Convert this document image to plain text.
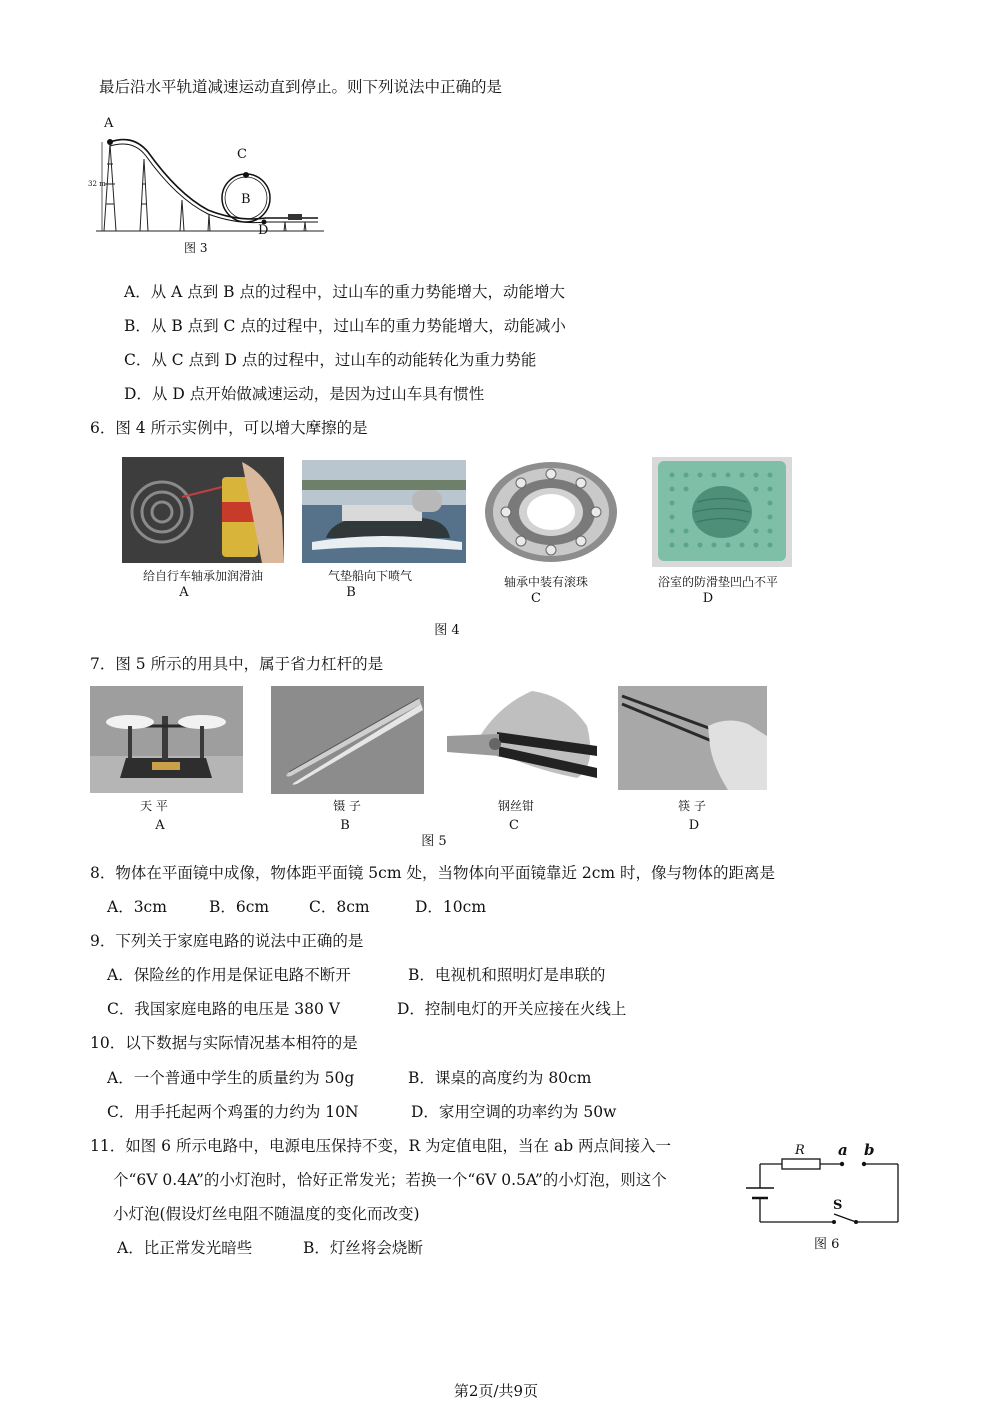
最后沿水平轨道减速运动直到停止。则下列说法中正确的是
A
C
B
D
32 m
图 3
A．从 A 点到 B 点的过程中，过山车的重力势能增大，动能增大
B．从 B 点到 C 点的过程中，过山车的重力势能增大，动能减小
C．从 C 点到 D 点的过程中，过山车的动能转化为重力势能
D．从 D 点开始做减速运动，是因为过山车具有惯性
6．图 4 所示实例中，可以增大摩擦的是
给自行车轴承加润滑油
A
气垫船向下喷气
B
轴承中装有滚珠
C
浴室的防滑垫凹凸不平
D
图 4
7．图 5 所示的用具中，属于省力杠杆的是
天 平
A
镊 子
B
钢丝钳
C
筷 子
D
图 5
8．物体在平面镜中成像，物体距平面镜 5cm 处，当物体向平面镜靠近 2cm 时，像与物体的距离是
A．3cm	B．6cm	C．8cm	D．10cm
9．下列关于家庭电路的说法中正确的是
A．保险丝的作用是保证电路不断开	B．电视机和照明灯是串联的
C．我国家庭电路的电压是 380 V	D．控制电灯的开关应接在火线上
10．以下数据与实际情况基本相符的是
A．一个普通中学生的质量约为 50g	B．课桌的高度约为 80cm
C．用手托起两个鸡蛋的力约为 10N	D．家用空调的功率约为 50w
11．如图 6 所示电路中，电源电压保持不变，R 为定值电阻，当在 ab 两点间接入一
个“6V 0.4A”的小灯泡时，恰好正常发光；若换一个“6V 0.5A”的小灯泡，则这个
小灯泡(假设灯丝电阻不随温度的变化而改变)
A．比正常发光暗些	B．灯丝将会烧断
R a b
S
图 6
第2页/共9页
